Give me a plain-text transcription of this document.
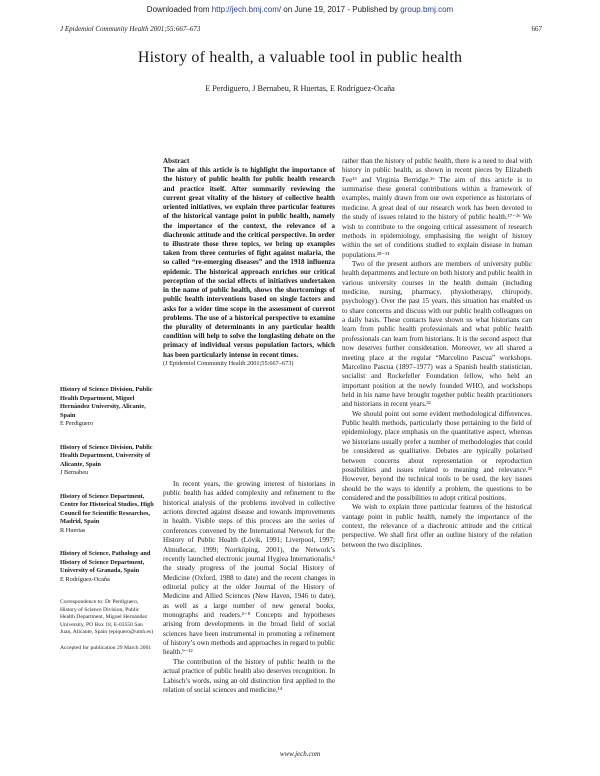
Downloaded from http://jech.bmj.com/ on June 19, 2017 - Published by group.bmj.com
J Epidemiol Community Health 2001;55:667–673	667
History of health, a valuable tool in public health
E Perdiguero, J Bernabeu, R Huertas, E Rodríguez-Ocaña
Abstract
The aim of this article is to highlight the importance of the history of public health for public health research and practice itself. After summarily reviewing the current great vitality of the history of collective health oriented initiatives, we explain three particular features of the historical vantage point in public health, namely the importance of the context, the relevance of a diachronic attitude and the critical perspective. In order to illustrate those three topics, we bring up examples taken from three centuries of fight against malaria, the so called “re-emerging diseases” and the 1918 influenza epidemic. The historical approach enriches our critical perception of the social effects of initiatives undertaken in the name of public health, shows the shortcomings of public health interventions based on single factors and asks for a wider time scope in the assessment of current problems. The use of a historical perspective to examine the plurality of determinants in any particular health condition will help to solve the longlasting debate on the primacy of individual versus population factors, which has been particularly intense in recent times.
(J Epidemiol Community Health 2001;55:667–673)
History of Science Division, Public Health Department, Miguel Hernández University, Alicante, Spain
E Perdiguero
History of Science Division, Public Health Department, University of Alicante, Spain
J Bernabeu
History of Science Department, Centre for Historical Studies, High Council for Scientific Researches, Madrid, Spain
R Huertas
History of Science, Pathology and History of Science Department, University of Granada, Spain
E Rodríguez-Ocaña
Correspondence to: Dr Perdiguero, History of Science Division, Public Health Department, Miguel Hernández University, PO Box 18, E-03550 San Juan, Alicante, Spain (epiquero@umh.es)
Accepted for publication 29 March 2001

In recent years, the growing interest of historians in public health has added complexity and refinement to the historical analysis of the problems involved in collective actions directed against disease and towards improvements in health. Visible steps of this process are the series of conferences convened by the International Network for the History of Public Health (Lövik, 1991; Liverpool, 1997; Almuñecar, 1999; Norrköping, 2001), the Network’s recently launched electronic journal Hygiea Internationalis,¹ the steady progress of the journal Social History of Medicine (Oxford, 1988 to date) and the recent changes in editorial policy at the older Journal of the History of Medicine and Allied Sciences (New Haven, 1946 to date), as well as a large number of new general books, monographs and readers.²⁻⁸ Concepts and hypotheses arising from developments in the broad field of social sciences have been instrumental in promoting a refinement of history’s own methods and approaches in regard to public health.⁹⁻¹²

The contribution of the history of public health to the actual practice of public health also deserves recognition. In Labisch’s words, using an old distinction first applied to the relation of social sciences and medicine,¹⁴

rather than the history of public health, there is a need to deal with history in public health, as shown in recent pieces by Elizabeth Fee¹⁵ and Virginia Berridge.¹⁶ The aim of this article is to summarise these general contributions within a framework of examples, mainly drawn from our own experience as historians of medicine. A great deal of our research work has been devoted to the study of issues related to the history of public health.¹⁷⁻²⁶ We wish to contribute to the ongoing critical assessment of research methods in epidemiology, emphasising the weight of history within the set of conditions studied to explain disease in human populations.²⁸⁻³¹

Two of the present authors are members of university public health departments and lecture on both history and public health in various university courses in the health domain (including medicine, nursing, pharmacy, physiotherapy, chiropody, psychology). Over the past 15 years, this situation has enabled us to share concerns and discuss with our public health colleagues on a daily basis. These contacts have shown us what historians can learn from public health professionals and what public health professionals can learn from historians. It is the second aspect that now deserves further consideration. Moreover, we all shared a meeting place at the regular “Marcelino Pascua” workshops. Marcelino Pascua (1897–1977) was a Spanish health statistician, socialist and Rockefeller Foundation fellow, who held an important position at the newly founded WHO, and workshops held in his name have brought together public health practitioners and historians in recent years.³²

We should point out some evident methodological differences. Public health methods, particularly those pertaining to the field of epidemiology, place emphasis on the quantitative aspect, whereas we historians usually prefer a number of methodologies that could be considered as qualitative. Debates are typically polarised between concerns about representation or reproduction possibilities and issues related to meaning and relevance.³³ However, beyond the technical tools to be used, the key issues should be the ways to identify a problem, the questions to be considered and the possibilities to adopt critical positions.

We wish to explain three particular features of the historical vantage point in public health, namely the importance of the context, the relevance of a diachronic attitude and the critical perspective. We shall first offer an outline history of the relation between the two disciplines.

www.jech.com
